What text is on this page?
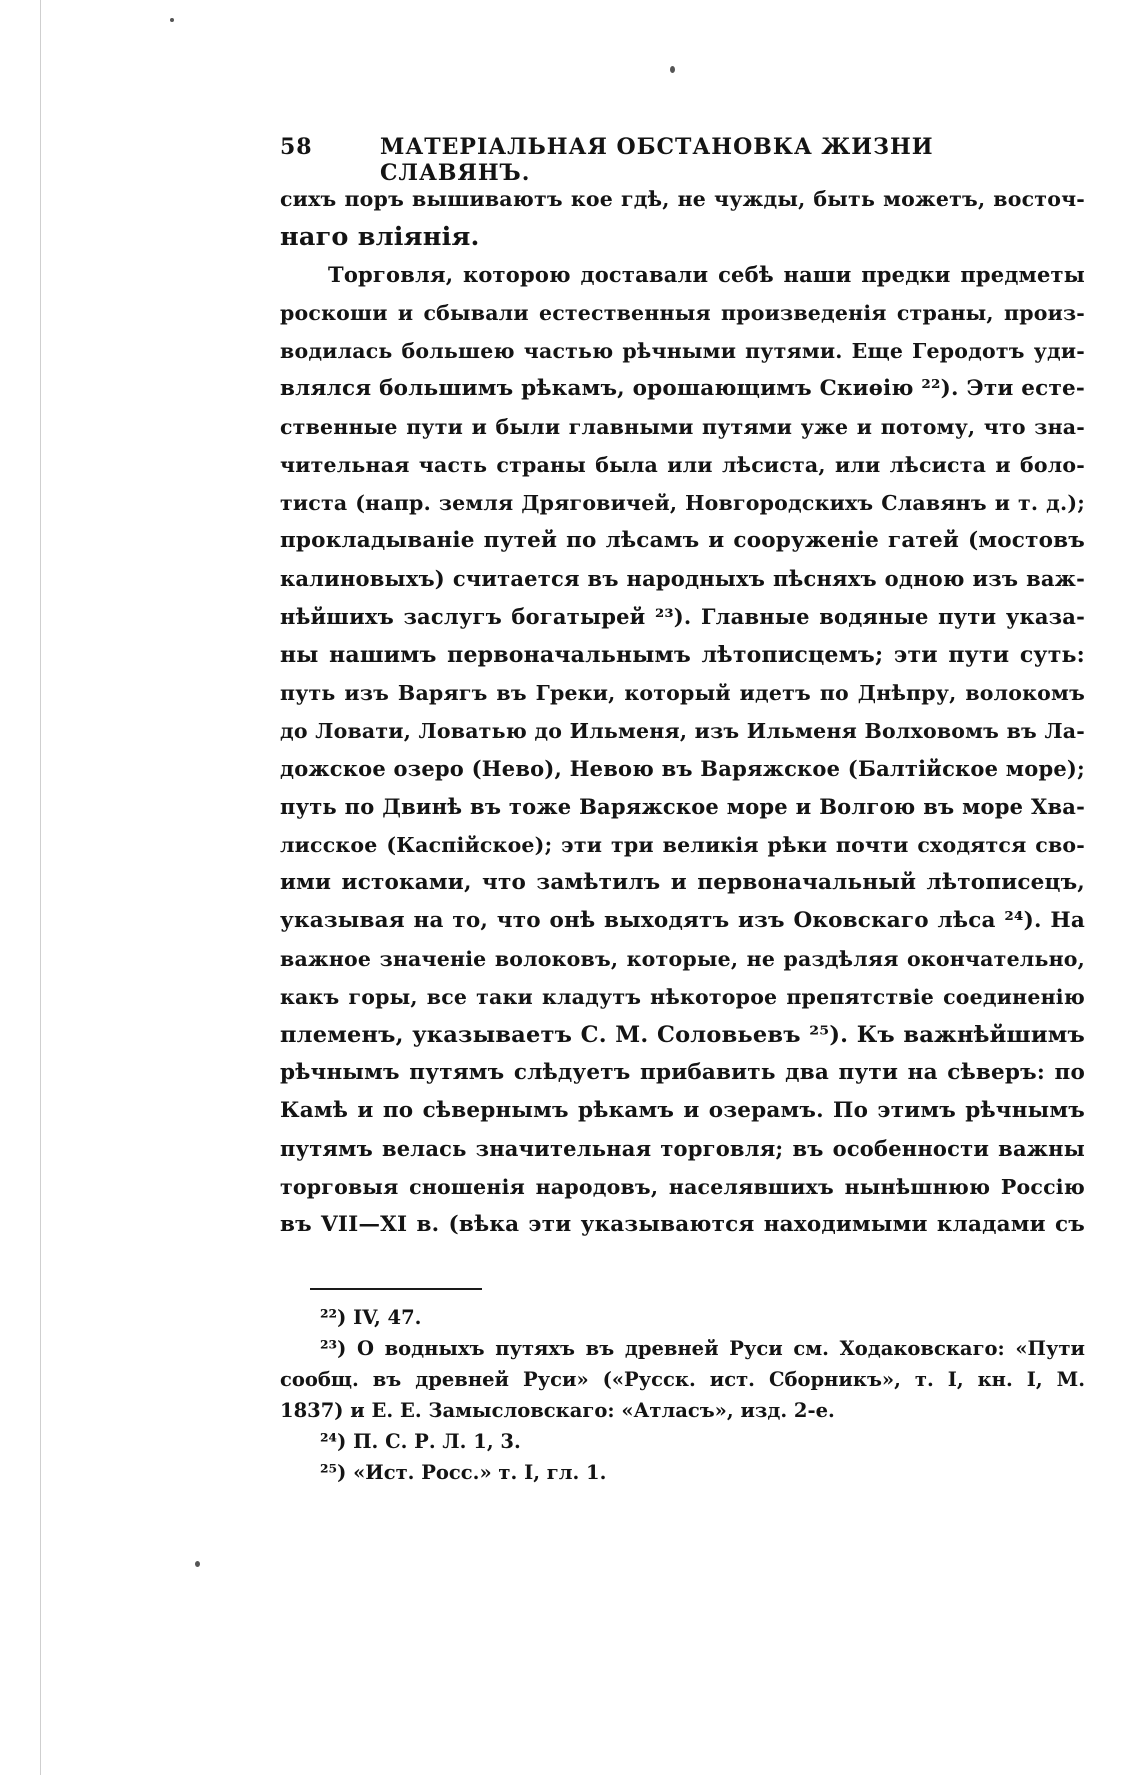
58	МАТЕРІАЛЬНАЯ ОБСТАНОВКА ЖИЗНИ СЛАВЯНЪ.
сихъ поръ вышиваютъ кое гдѣ, не чужды, быть можетъ, восточ-
наго вліянія.
Торговля, которою доставали себѣ наши предки предметы
роскоши и сбывали естественныя произведенія страны, произ-
водилась большею частью рѣчными путями. Еще Геродотъ уди-
влялся большимъ рѣкамъ, орошающимъ Скиѳію ²²). Эти есте-
ственные пути и были главными путями уже и потому, что зна-
чительная часть страны была или лѣсиста, или лѣсиста и боло-
тиста (напр. земля Дряговичей, Новгородскихъ Славянъ и т. д.);
прокладываніе путей по лѣсамъ и сооруженіе гатей (мостовъ
калиновыхъ) считается въ народныхъ пѣсняхъ одною изъ важ-
нѣйшихъ заслугъ богатырей ²³). Главные водяные пути указа-
ны нашимъ первоначальнымъ лѣтописцемъ; эти пути суть:
путь изъ Варягъ въ Греки, который идетъ по Днѣпру, волокомъ
до Ловати, Ловатью до Ильменя, изъ Ильменя Волховомъ въ Ла-
дожское озеро (Нево), Невою въ Варяжское (Балтійское море);
путь по Двинѣ въ тоже Варяжское море и Волгою въ море Хва-
лисское (Каспійское); эти три великія рѣки почти сходятся сво-
ими истоками, что замѣтилъ и первоначальный лѣтописецъ,
указывая на то, что онѣ выходятъ изъ Оковскаго лѣса ²⁴). На
важное значеніе волоковъ, которые, не раздѣляя окончательно,
какъ горы, все таки кладутъ нѣкоторое препятствіе соединенію
племенъ, указываетъ С. М. Соловьевъ ²⁵). Къ важнѣйшимъ
рѣчнымъ путямъ слѣдуетъ прибавить два пути на сѣверъ: по
Камѣ и по сѣвернымъ рѣкамъ и озерамъ. По этимъ рѣчнымъ
путямъ велась значительная торговля; въ особенности важны
торговыя сношенія народовъ, населявшихъ нынѣшнюю Россію
въ VII—XI в. (вѣка эти указываются находимыми кладами съ
²²) IV, 47.
²³) О водныхъ путяхъ въ древней Руси см. Ходаковскаго: «Пути
сообщ. въ древней Руси» («Русск. ист. Сборникъ», т. I, кн. I, М.
1837) и Е. Е. Замысловскаго: «Атласъ», изд. 2-е.
²⁴) П. С. Р. Л. 1, 3.
²⁵) «Ист. Росс.» т. I, гл. 1.
